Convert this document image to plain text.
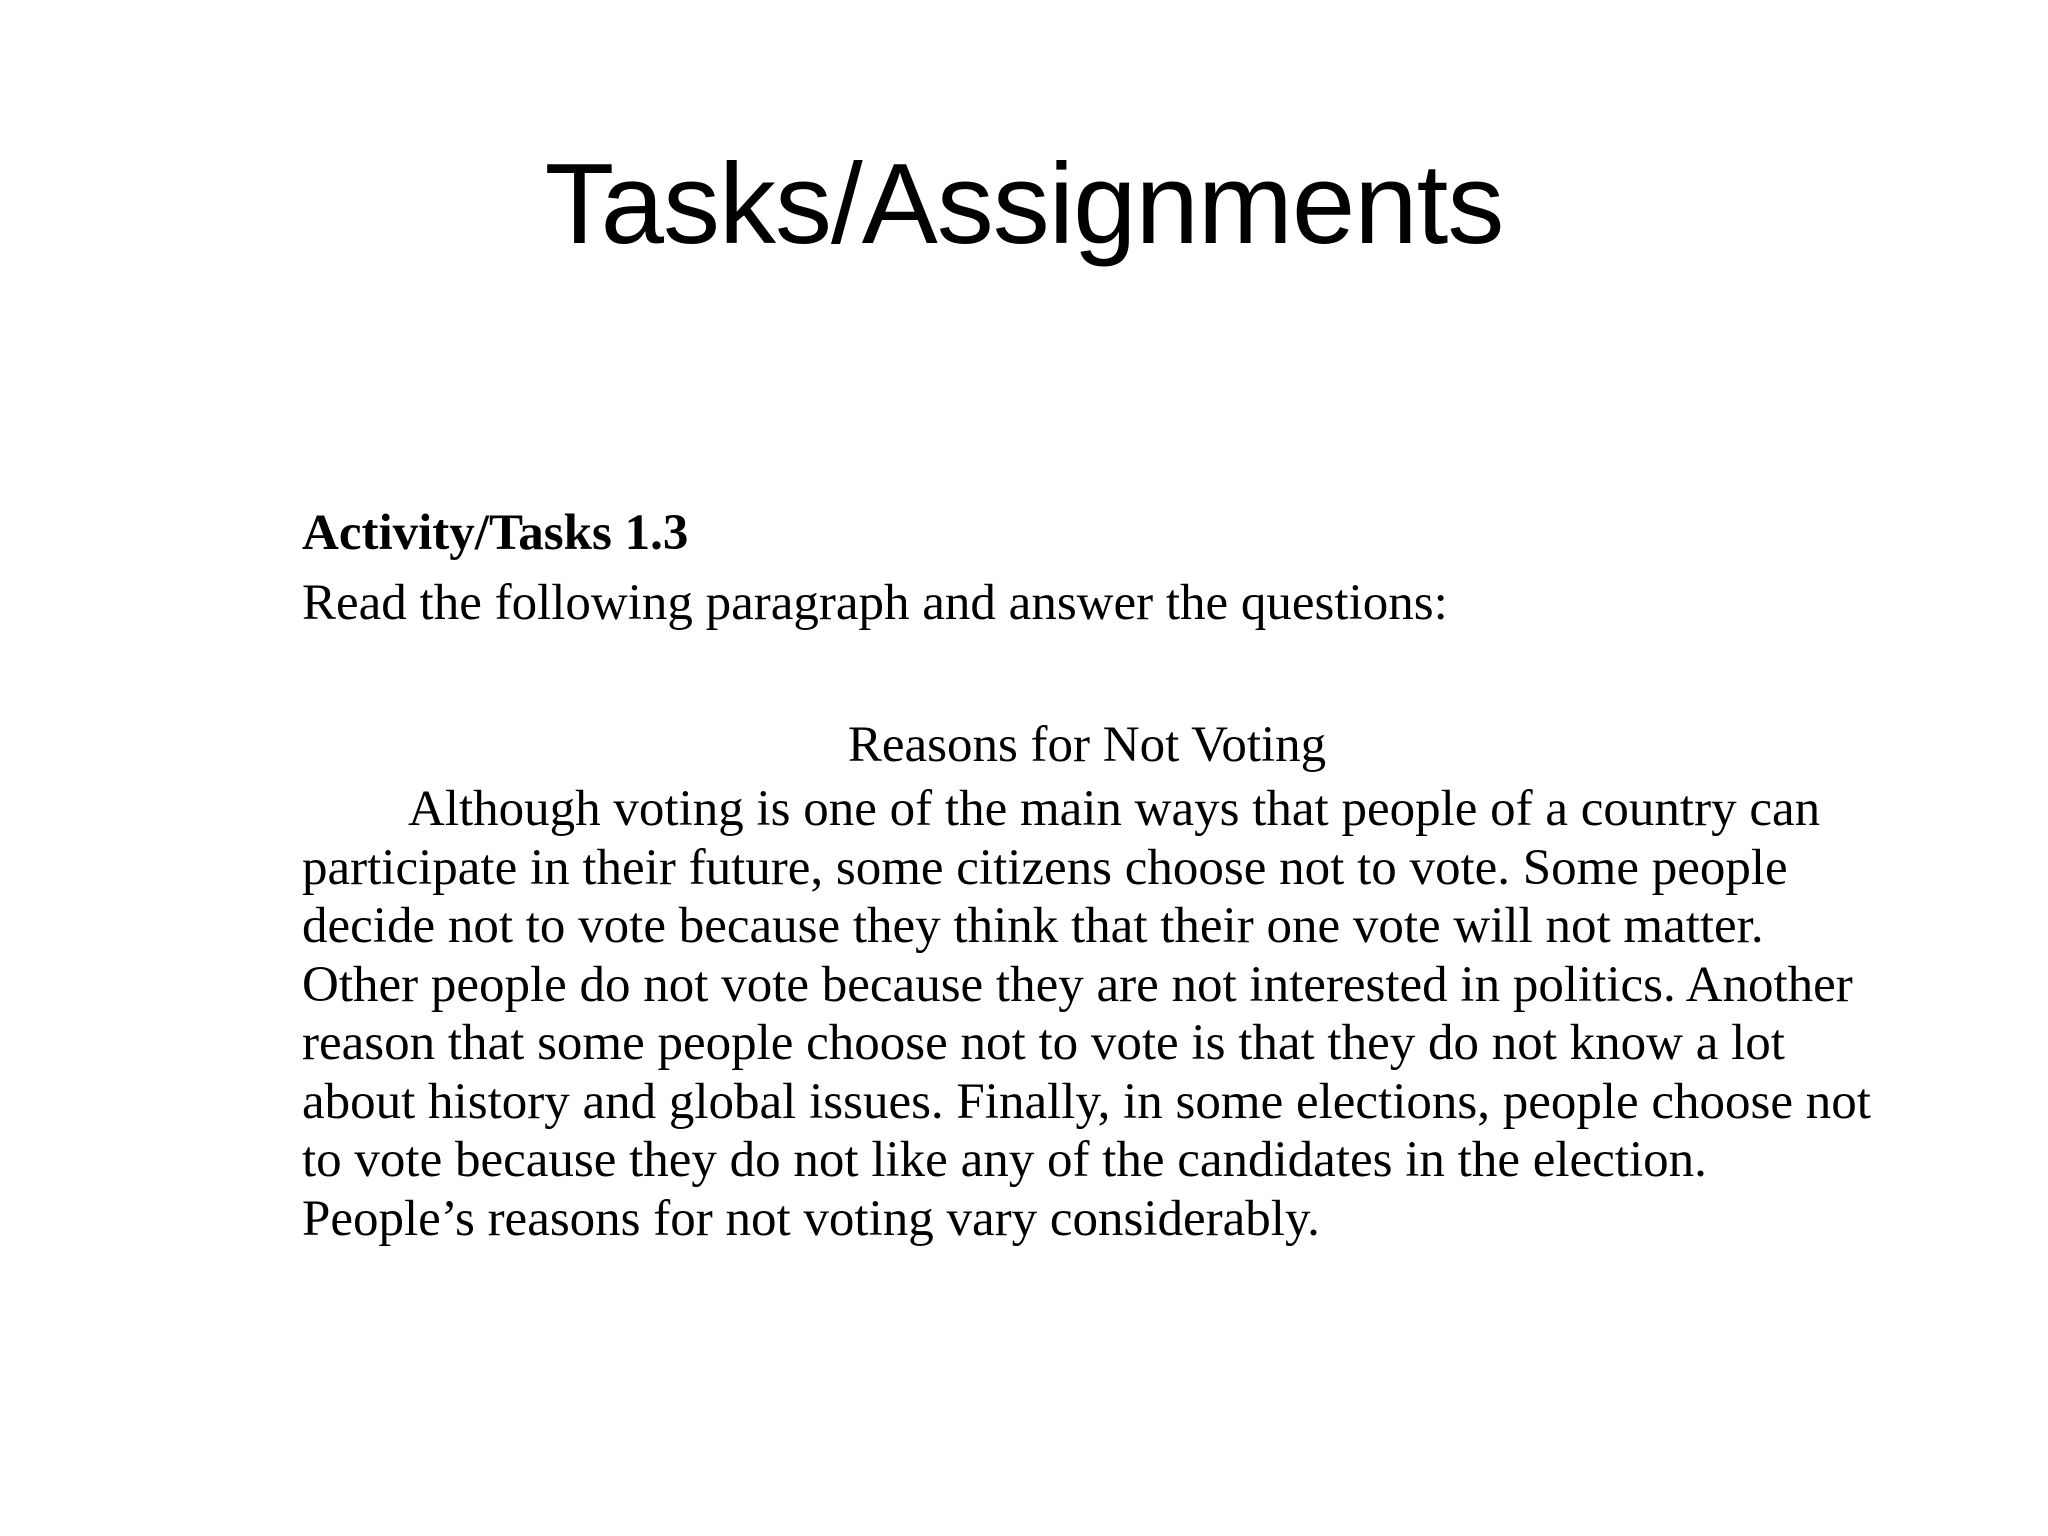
Tasks/Assignments

Activity/Tasks 1.3

Read the following paragraph and answer the questions:

Reasons for Not Voting

Although voting is one of the main ways that people of a country can participate in their future, some citizens choose not to vote. Some people decide not to vote because they think that their one vote will not matter. Other people do not vote because they are not interested in politics. Another reason that some people choose not to vote is that they do not know a lot about history and global issues. Finally, in some elections, people choose not to vote because they do not like any of the candidates in the election. People’s reasons for not voting vary considerably.
